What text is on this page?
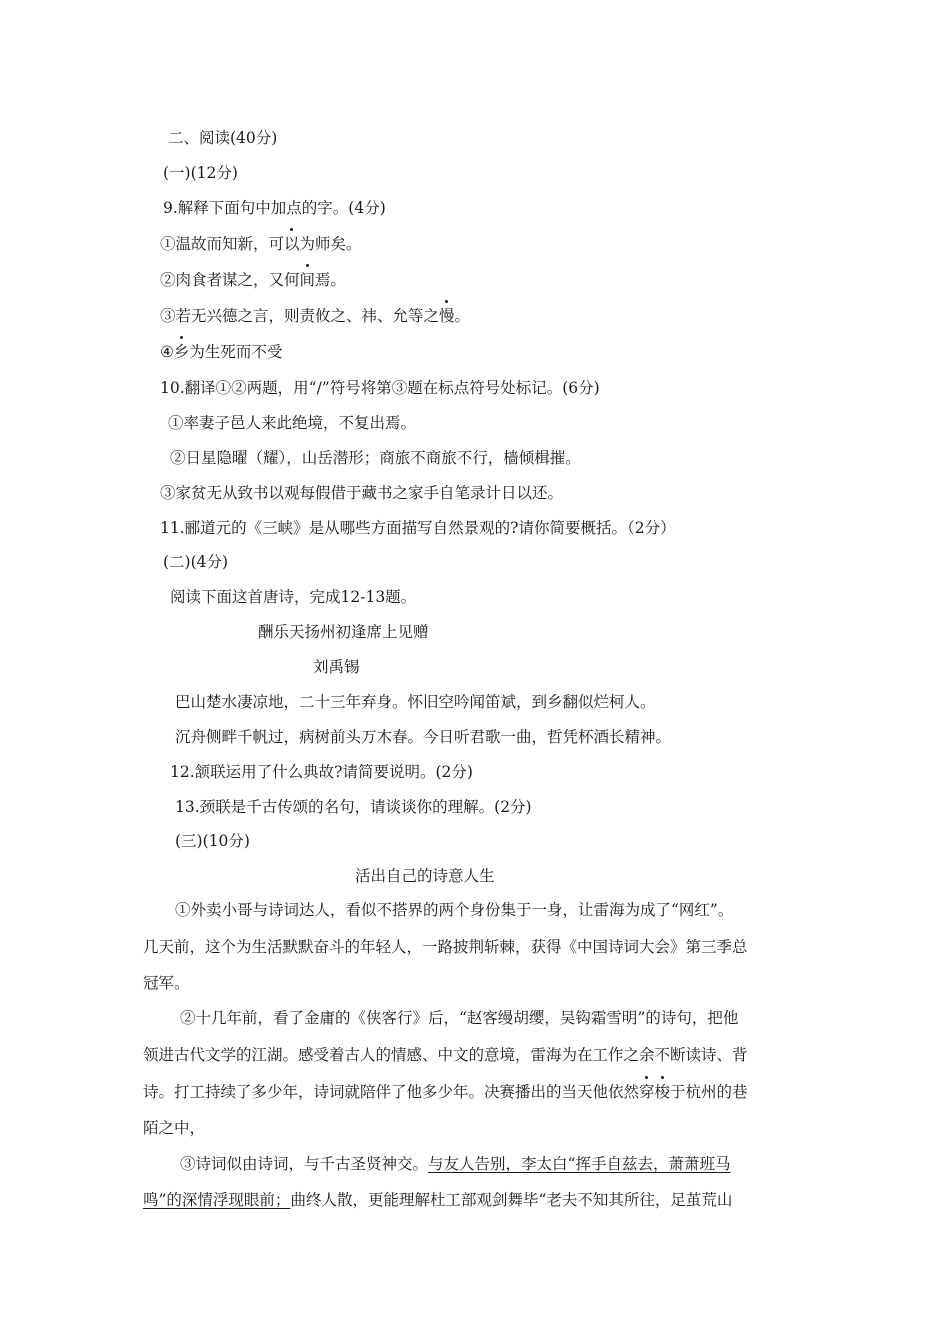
二、阅读(40分)
(一)(12分)
9.解释下面句中加点的字。(4分)
①温故而知新，可以为师矣。
②肉食者谋之，又何间焉。
③若无兴德之言，则责攸之、祎、允等之慢。
④乡为生死而不受
10.翻译①②两题，用“/”符号将第③题在标点符号处标记。(6分)
①率妻子邑人来此绝境，不复出焉。
②日星隐曜（耀），山岳潜形；商旅不商旅不行，樯倾楫摧。
③家贫无从致书以观每假借于藏书之家手自笔录计日以还。
11.郦道元的《三峡》是从哪些方面描写自然景观的?请你简要概括。（2分）
(二)(4分)
阅读下面这首唐诗，完成12-13题。
酬乐天扬州初逢席上见赠
刘禹锡
巴山楚水凄凉地，二十三年弃身。怀旧空吟闻笛斌，到乡翻似烂柯人。
沉舟侧畔千帆过，病树前头万木春。今日听君歌一曲，哲凭杯酒长精神。
12.颔联运用了什么典故?请简要说明。(2分)
13.颈联是千古传颂的名句，请谈谈你的理解。(2分)
(三)(10分)
活出自己的诗意人生
①外卖小哥与诗词达人，看似不搭界的两个身份集于一身，让雷海为成了“网红”。
几天前，这个为生活默默奋斗的年轻人，一路披荆斩棘，获得《中国诗词大会》第三季总
冠军。
②十几年前，看了金庸的《侠客行》后，“赵客缦胡缨，吴钩霜雪明”的诗句，把他
领进古代文学的江湖。感受着古人的情感、中文的意境，雷海为在工作之余不断读诗、背
诗。打工持续了多少年，诗词就陪伴了他多少年。决赛播出的当天他依然穿梭于杭州的巷
陌之中，
③诗词似由诗词，与千古圣贤神交。与友人告别，李太白“挥手自兹去，萧萧班马
鸣”的深情浮现眼前；曲终人散，更能理解杜工部观剑舞毕“老夫不知其所往，足茧荒山
